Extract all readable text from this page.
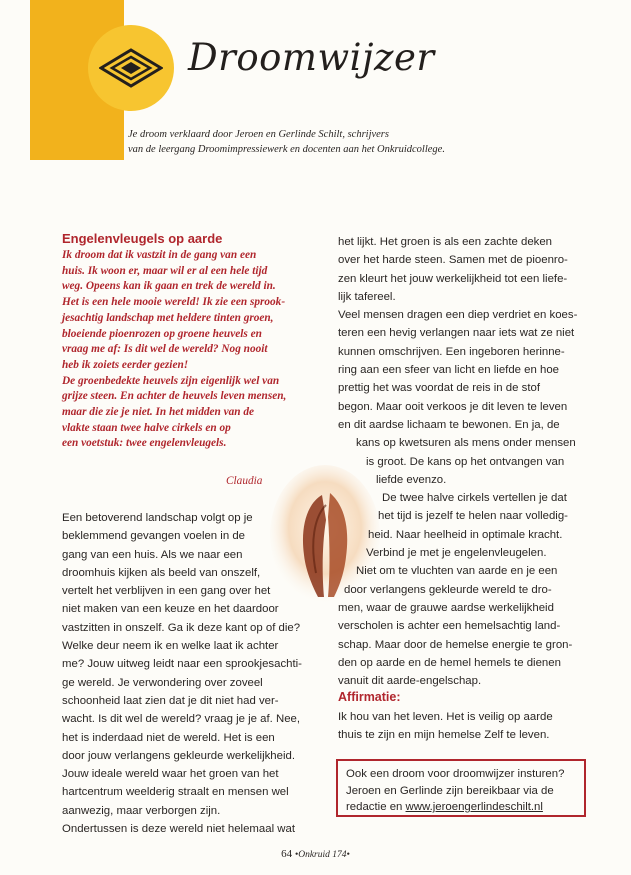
Droomwijzer
Je droom verklaard door Jeroen en Gerlinde Schilt, schrijvers
van de leergang Droomimpressiewerk en docenten aan het Onkruidcollege.
Engelenvleugels op aarde
Ik droom dat ik vastzit in de gang van een
huis. Ik woon er, maar wil er al een hele tijd
weg. Opeens kan ik gaan en trek de wereld in.
Het is een hele mooie wereld! Ik zie een sprook-
jesachtig landschap met heldere tinten groen,
bloeiende pioenrozen op groene heuvels en
vraag me af: Is dit wel de wereld? Nog nooit
heb ik zoiets eerder gezien!
De groenbedekte heuvels zijn eigenlijk wel van
grijze steen. En achter de heuvels leven mensen,
maar die zie je niet. In het midden van de
vlakte staan twee halve cirkels en op
een voetstuk: twee engelenvleugels.
Claudia
Een betoverend landschap volgt op je
beklemmend gevangen voelen in de
gang van een huis. Als we naar een
droomhuis kijken als beeld van onszelf,
vertelt het verblijven in een gang over het
niet maken van een keuze en het daardoor
vastzitten in onszelf. Ga ik deze kant op of die?
Welke deur neem ik en welke laat ik achter
me? Jouw uitweg leidt naar een sprookjesachti-
ge wereld. Je verwondering over zoveel
schoonheid laat zien dat je dit niet had ver-
wacht. Is dit wel de wereld? vraag je je af. Nee,
het is inderdaad niet de wereld. Het is een
door jouw verlangens gekleurde werkelijkheid.
Jouw ideale wereld waar het groen van het
hartcentrum weelderig straalt en mensen wel
aanwezig, maar verborgen zijn.
Ondertussen is deze wereld niet helemaal wat
het lijkt. Het groen is als een zachte deken
over het harde steen. Samen met de pioenro-
zen kleurt het jouw werkelijkheid tot een liefe-
lijk tafereel.
Veel mensen dragen een diep verdriet en koes-
teren een hevig verlangen naar iets wat ze niet
kunnen omschrijven. Een ingeboren herinne-
ring aan een sfeer van licht en liefde en hoe
prettig het was voordat de reis in de stof
begon. Maar ooit verkoos je dit leven te leven
en dit aardse lichaam te bewonen. En ja, de
kans op kwetsuren als mens onder mensen
is groot. De kans op het ontvangen van
liefde evenzo.
De twee halve cirkels vertellen je dat
het tijd is jezelf te helen naar volledig-
heid. Naar heelheid in optimale kracht.
Verbind je met je engelenvleugelen.
Niet om te vluchten van aarde en je een
door verlangens gekleurde wereld te dro-
men, waar de grauwe aardse werkelijkheid
verscholen is achter een hemelsachtig land-
schap. Maar door de hemelse energie te gron-
den op aarde en de hemel hemels te dienen
vanuit dit aarde-engelschap.
Affirmatie:
Ik hou van het leven. Het is veilig op aarde
thuis te zijn en mijn hemelse Zelf te leven.
Ook een droom voor droomwijzer insturen?
Jeroen en Gerlinde zijn bereikbaar via de
redactie en www.jeroengerlindeschilt.nl
64 •Onkruid 174•
